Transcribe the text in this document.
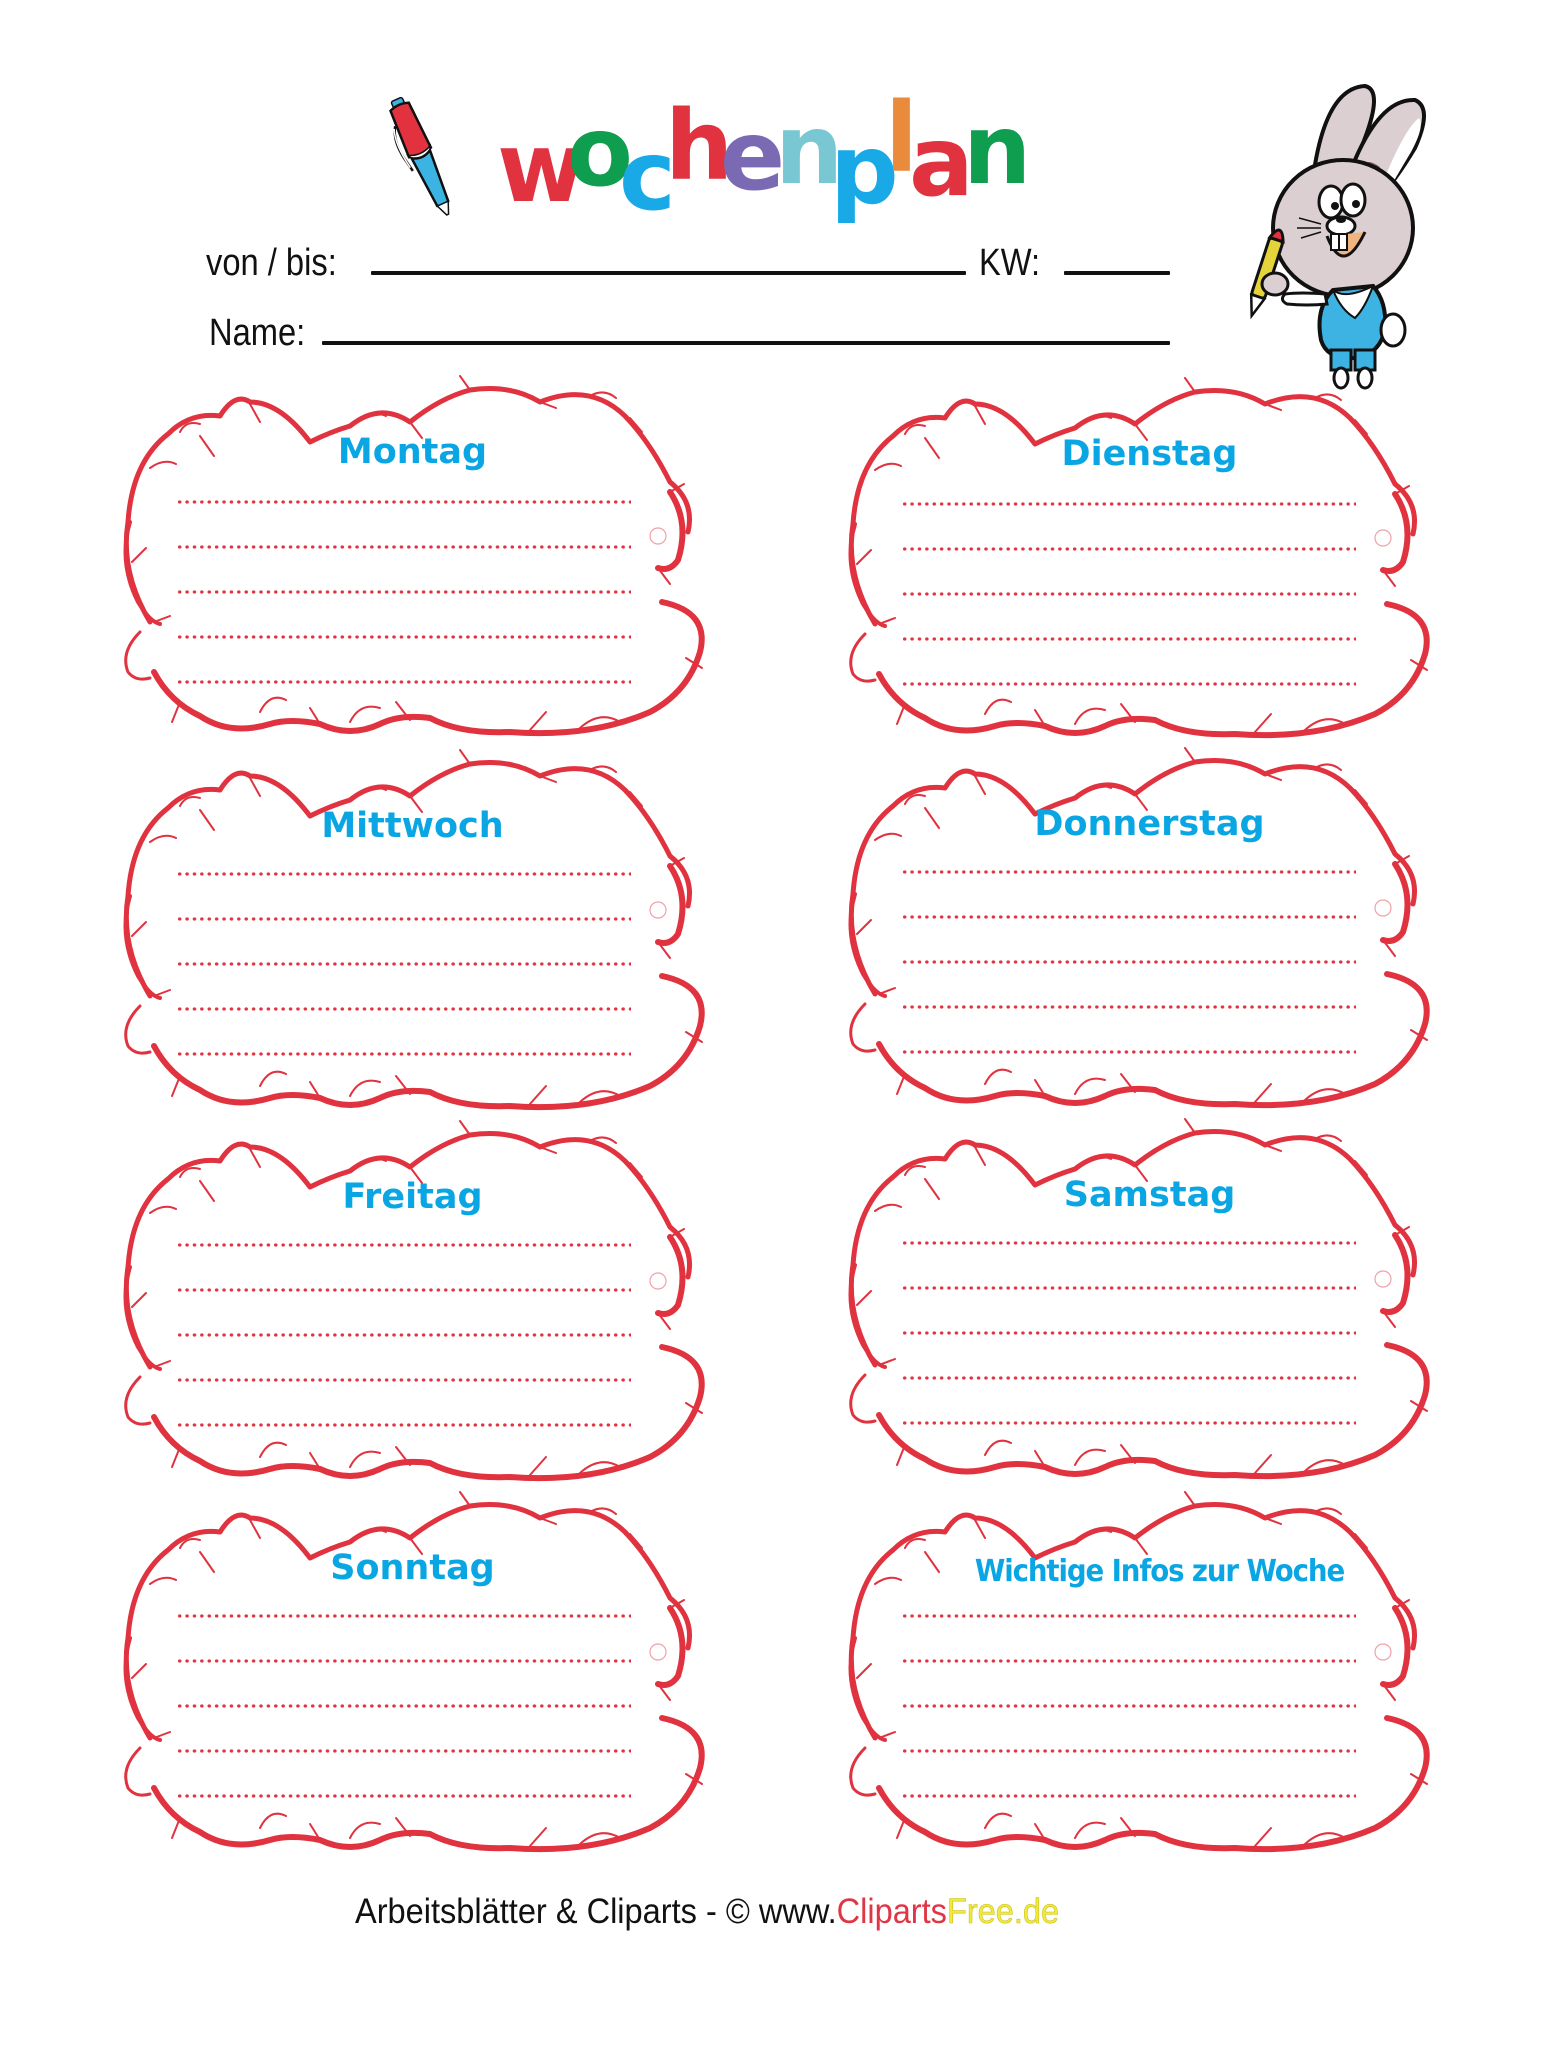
w
o
c
h
e
n
p
l
a
n
von / bis:	KW:
Name:
Montag	Dienstag
Mittwoch	Donnerstag
Freitag	Samstag
Sonntag	Wichtige Infos zur Woche
Arbeitsblätter & Cliparts - © www.ClipartsFree.de
